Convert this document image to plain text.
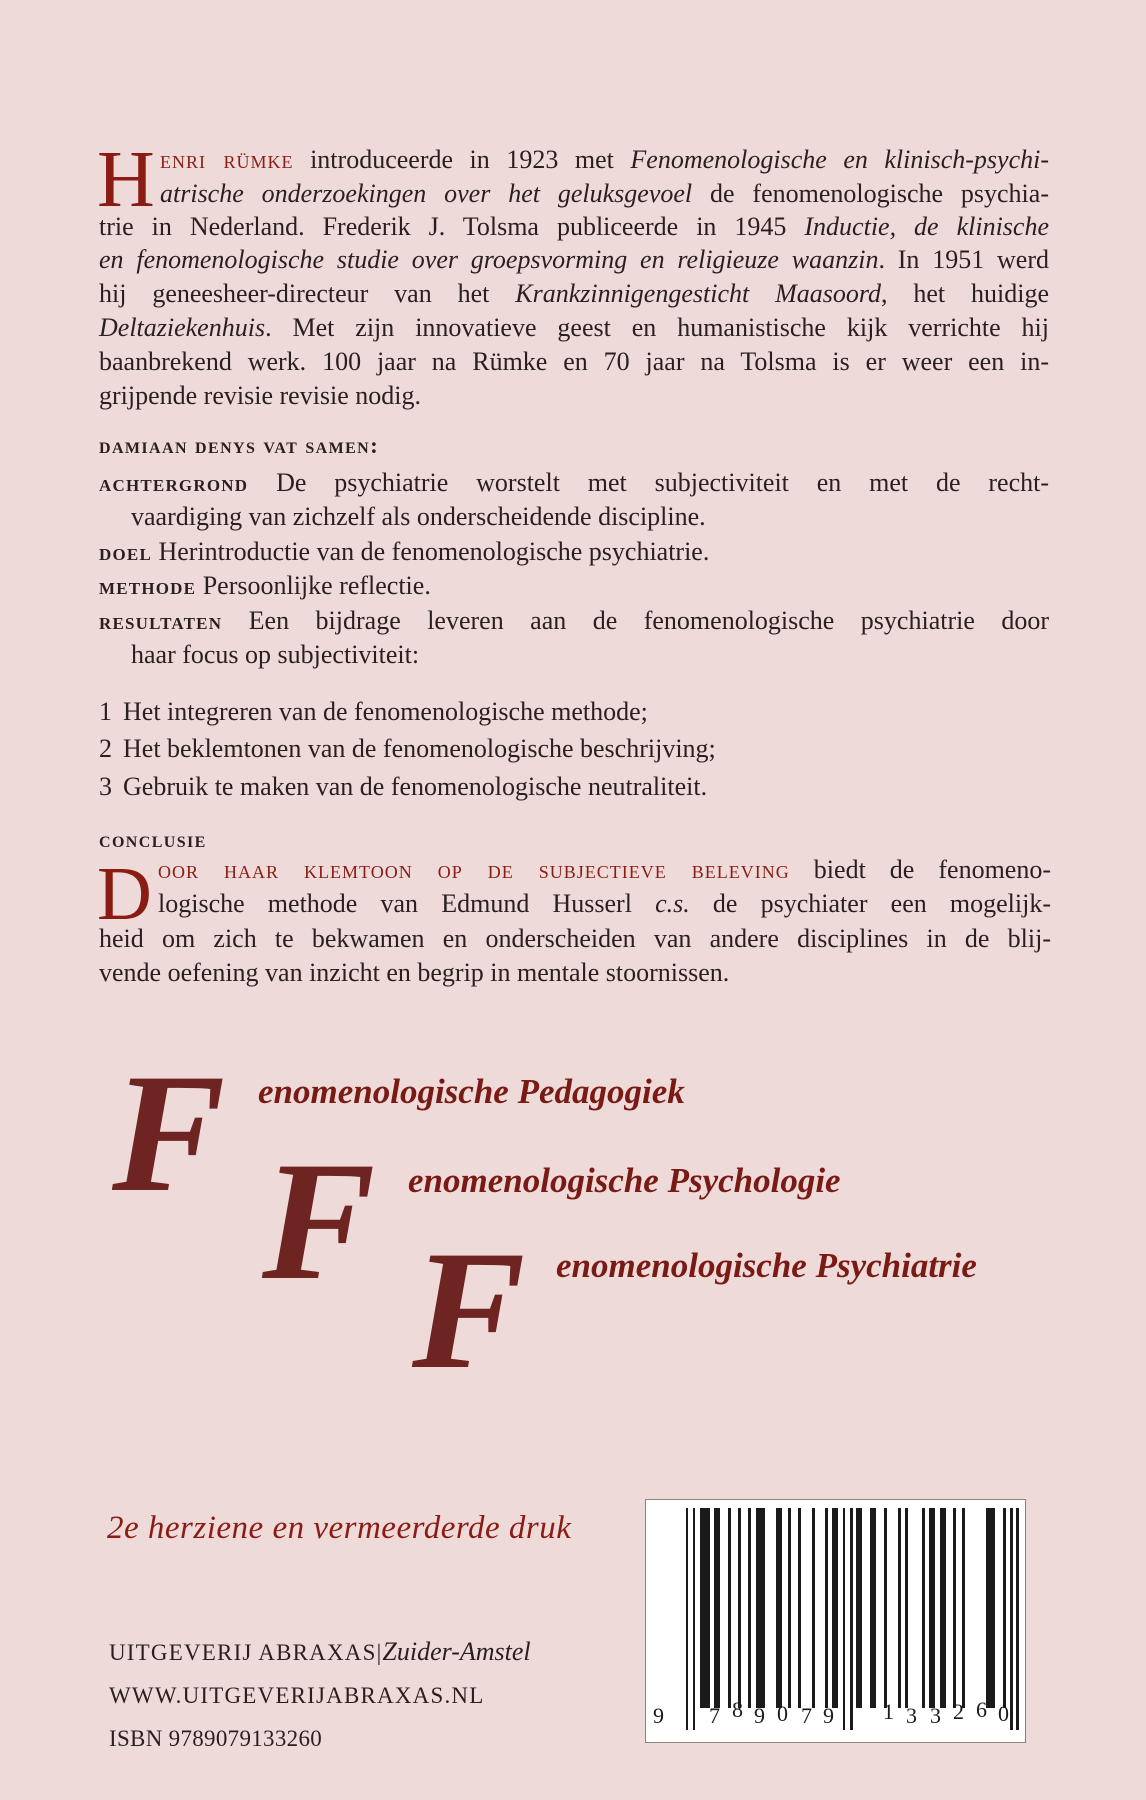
H enri rümke introduceerde in 1923 met Fenomenologische en klinisch-psychi-
atrische onderzoekingen over het geluksgevoel de fenomenologische psychia-
trie in Nederland. Frederik J. Tolsma publiceerde in 1945 Inductie, de klinische
en fenomenologische studie over groepsvorming en religieuze waanzin. In 1951 werd
hij geneesheer-directeur van het Krankzinnigengesticht Maasoord, het huidige
Deltaziekenhuis. Met zijn innovatieve geest en humanistische kijk verrichte hij
baanbrekend werk. 100 jaar na Rümke en 70 jaar na Tolsma is er weer een in-
grijpende revisie revisie nodig.
damiaan denys vat samen:
achtergrond De psychiatrie worstelt met subjectiviteit en met de recht-
vaardiging van zichzelf als onderscheidende discipline.
doel Herintroductie van de fenomenologische psychiatrie.
methode Persoonlijke reflectie.
resultaten Een bijdrage leveren aan de fenomenologische psychiatrie door
haar focus op subjectiviteit:
1 Het integreren van de fenomenologische methode;
2 Het beklemtonen van de fenomenologische beschrijving;
3 Gebruik te maken van de fenomenologische neutraliteit.
conclusie
D oor haar klemtoon op de subjectieve beleving biedt de fenomeno-
logische methode van Edmund Husserl c.s. de psychiater een mogelijk-
heid om zich te bekwamen en onderscheiden van andere disciplines in de blij-
vende oefening van inzicht en begrip in mentale stoornissen.
F enomenologische Pedagogiek
F enomenologische Psychologie
F enomenologische Psychiatrie
2e herziene en vermeerderde druk
UITGEVERIJ ABRAXAS|Zuider-Amstel
WWW.UITGEVERIJABRAXAS.NL
ISBN 9789079133260
9 7 8 9 0 7 9 1 3 3 2 6 0
